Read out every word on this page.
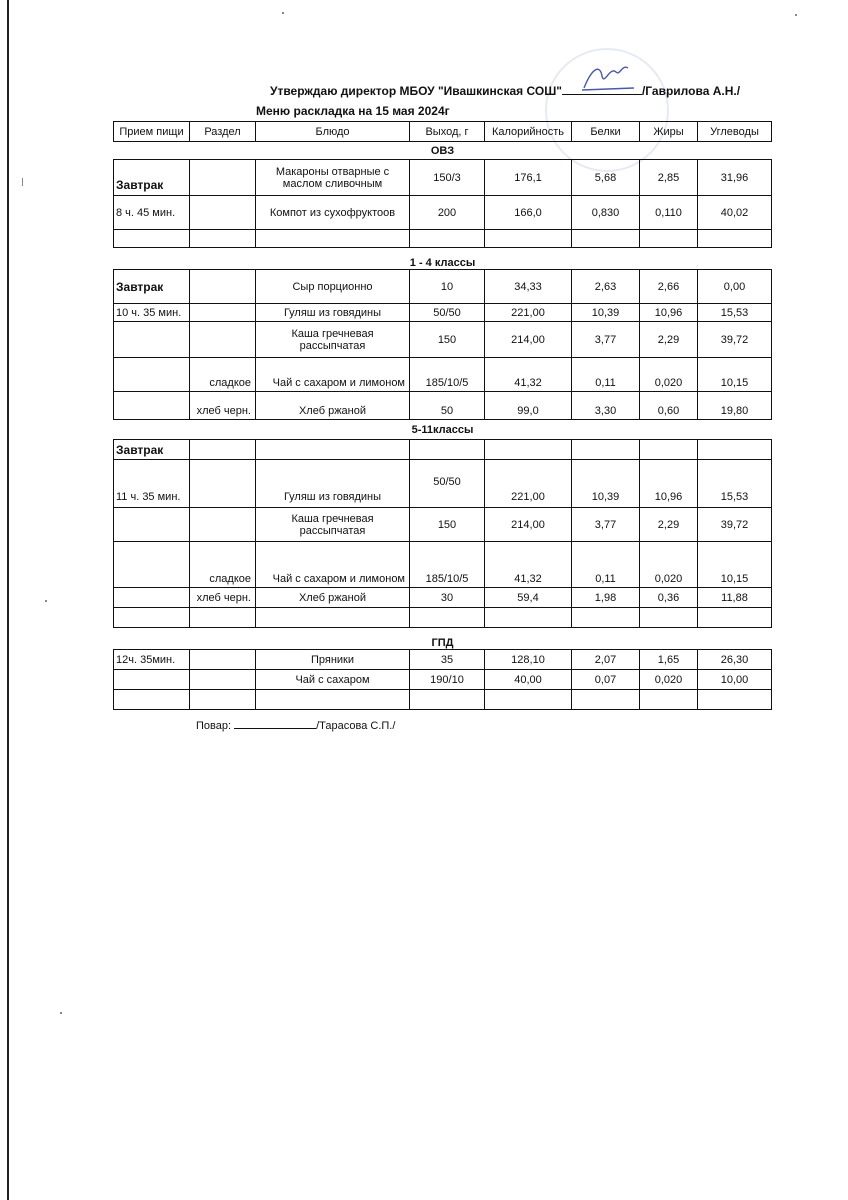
Утверждаю директор МБОУ "Ивашкинская СОШ"	/Гаврилова А.Н./
Меню раскладка на 15 мая 2024г
Прием пищи	Раздел	Блюдо	Выход, г	Калорийность	Белки	Жиры	Углеводы
ОВЗ							
Завтрак		Макароны отварные с маслом сливочным	150/3	176,1	5,68	2,85	31,96
8 ч. 45 мин.		Компот из сухофруктоов	200	166,0	0,830	0,110	40,02

1 - 4 классы							
Завтрак		Сыр порционно	10	34,33	2,63	2,66	0,00
10 ч. 35 мин.		Гуляш из говядины	50/50	221,00	10,39	10,96	15,53
		Каша гречневая рассыпчатая	150	214,00	3,77	2,29	39,72
	сладкое	Чай с сахаром и лимоном	185/10/5	41,32	0,11	0,020	10,15
	хлеб черн.	Хлеб ржаной	50	99,0	3,30	0,60	19,80
5-11классы							
Завтрак							
11 ч. 35 мин.		Гуляш из говядины	50/50	221,00	10,39	10,96	15,53
		Каша гречневая рассыпчатая	150	214,00	3,77	2,29	39,72
	сладкое	Чай с сахаром и лимоном	185/10/5	41,32	0,11	0,020	10,15
	хлеб черн.	Хлеб ржаной	30	59,4	1,98	0,36	11,88

ГПД							
12ч. 35мин.		Пряники	35	128,10	2,07	1,65	26,30
		Чай с сахаром	190/10	40,00	0,07	0,020	10,00

Повар:	/Тарасова С.П./
